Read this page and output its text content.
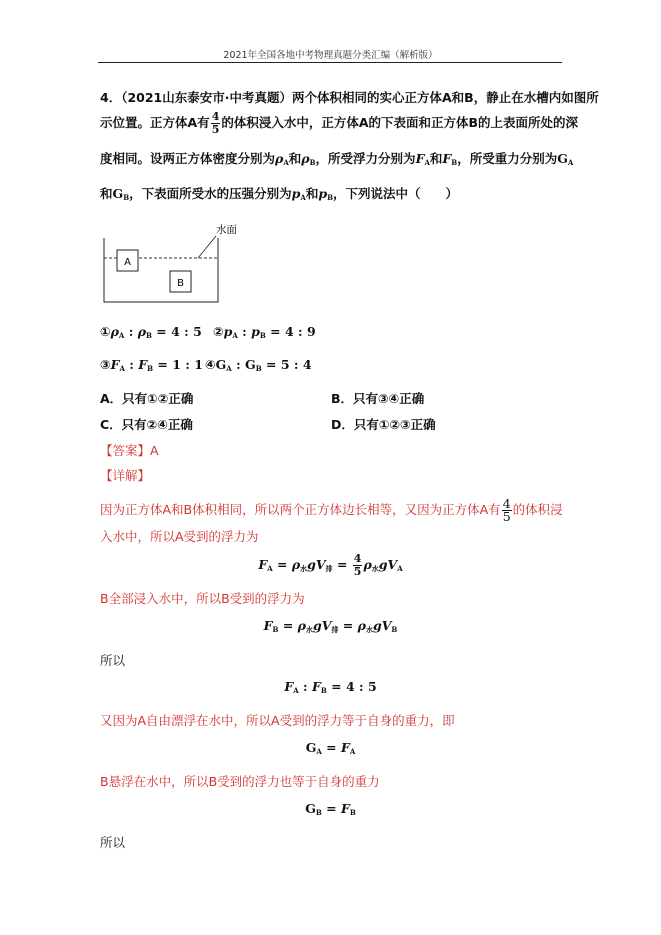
2021年全国各地中考物理真题分类汇编（解析版）
4．（2021山东泰安市·中考真题）两个体积相同的实心正方体A和B，静止在水槽内如图所
示位置。正方体A有 $\frac{4}{5}$ 的体积浸入水中，正方体A的下表面和正方体B的上表面所处的深
度相同。设两正方体密度分别为$\rho_A$和$\rho_B$，所受浮力分别为$F_A$和$F_B$，所受重力分别为$G_A$
和$G_B$，下表面所受水的压强分别为$p_A$和$p_B$，下列说法中（　　）
水面
A
B
$①\rho_A$ : $\rho_B = 4$ : 5 $②p_A$ : $p_B = 4$ : 9
$③F_A$ : $F_B = 1$ : 1 $④G_A$ : $G_B = 5$ : 4
A．只有①②正确	B．只有③④正确
C．只有②④正确	D．只有①②③正确
【答案】A
【详解】
因为正方体A和B体积相同，所以两个正方体边长相等，又因为正方体A有 $\frac{4}{5}$ 的体积浸
入水中，所以A受到的浮力为
$F_A = \rho_水gV_排 = \frac{4}{5} \rho_水gV_A$
B全部浸入水中，所以B受到的浮力为
$F_B = \rho_水gV_排 = \rho_水gV_B$
所以
$F_A$ : $F_B = 4$ : 5
又因为A自由漂浮在水中，所以A受到的浮力等于自身的重力，即
$G_A = F_A$
B悬浮在水中，所以B受到的浮力也等于自身的重力
$G_B = F_B$
所以
